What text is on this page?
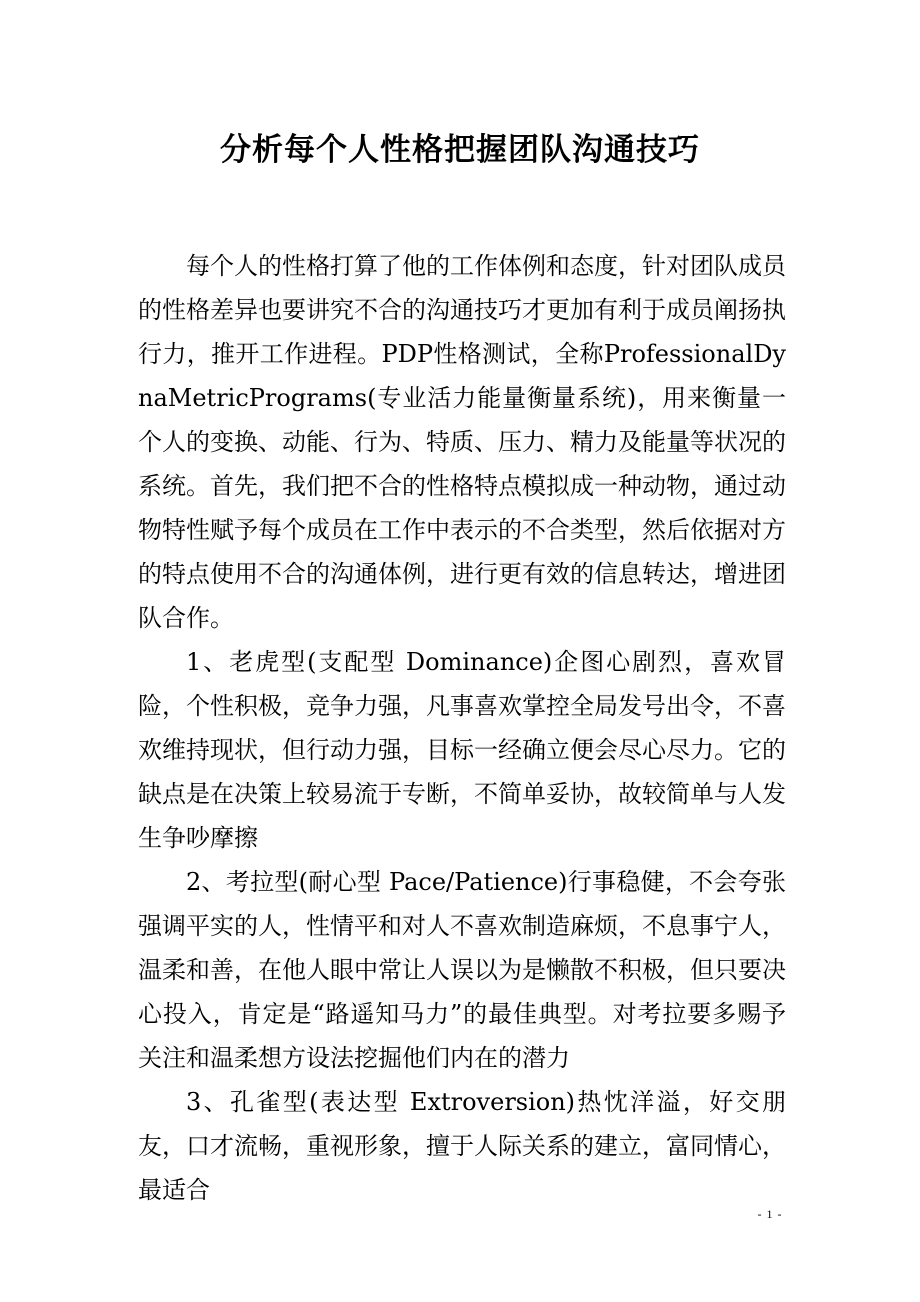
分析每个人性格把握团队沟通技巧

每个人的性格打算了他的工作体例和态度，针对团队成员的性格差异也要讲究不合的沟通技巧才更加有利于成员阐扬执行力，推开工作进程。PDP性格测试，全称ProfessionalDynaMetricPrograms(专业活力能量衡量系统)，用来衡量一个人的变换、动能、行为、特质、压力、精力及能量等状况的系统。首先，我们把不合的性格特点模拟成一种动物，通过动物特性赋予每个成员在工作中表示的不合类型，然后依据对方的特点使用不合的沟通体例，进行更有效的信息转达，增进团队合作。

1、老虎型(支配型 Dominance)企图心剧烈，喜欢冒险，个性积极，竞争力强，凡事喜欢掌控全局发号出令，不喜欢维持现状，但行动力强，目标一经确立便会尽心尽力。它的缺点是在决策上较易流于专断，不简单妥协，故较简单与人发生争吵摩擦

2、考拉型(耐心型 Pace/Patience)行事稳健，不会夸张强调平实的人，性情平和对人不喜欢制造麻烦，不息事宁人，温柔和善，在他人眼中常让人误以为是懒散不积极，但只要决心投入，肯定是“路遥知马力”的最佳典型。对考拉要多赐予关注和温柔想方设法挖掘他们内在的潜力

3、孔雀型(表达型 Extroversion)热忱洋溢，好交朋友，口才流畅，重视形象，擅于人际关系的建立，富同情心，最适合

- 1 -
